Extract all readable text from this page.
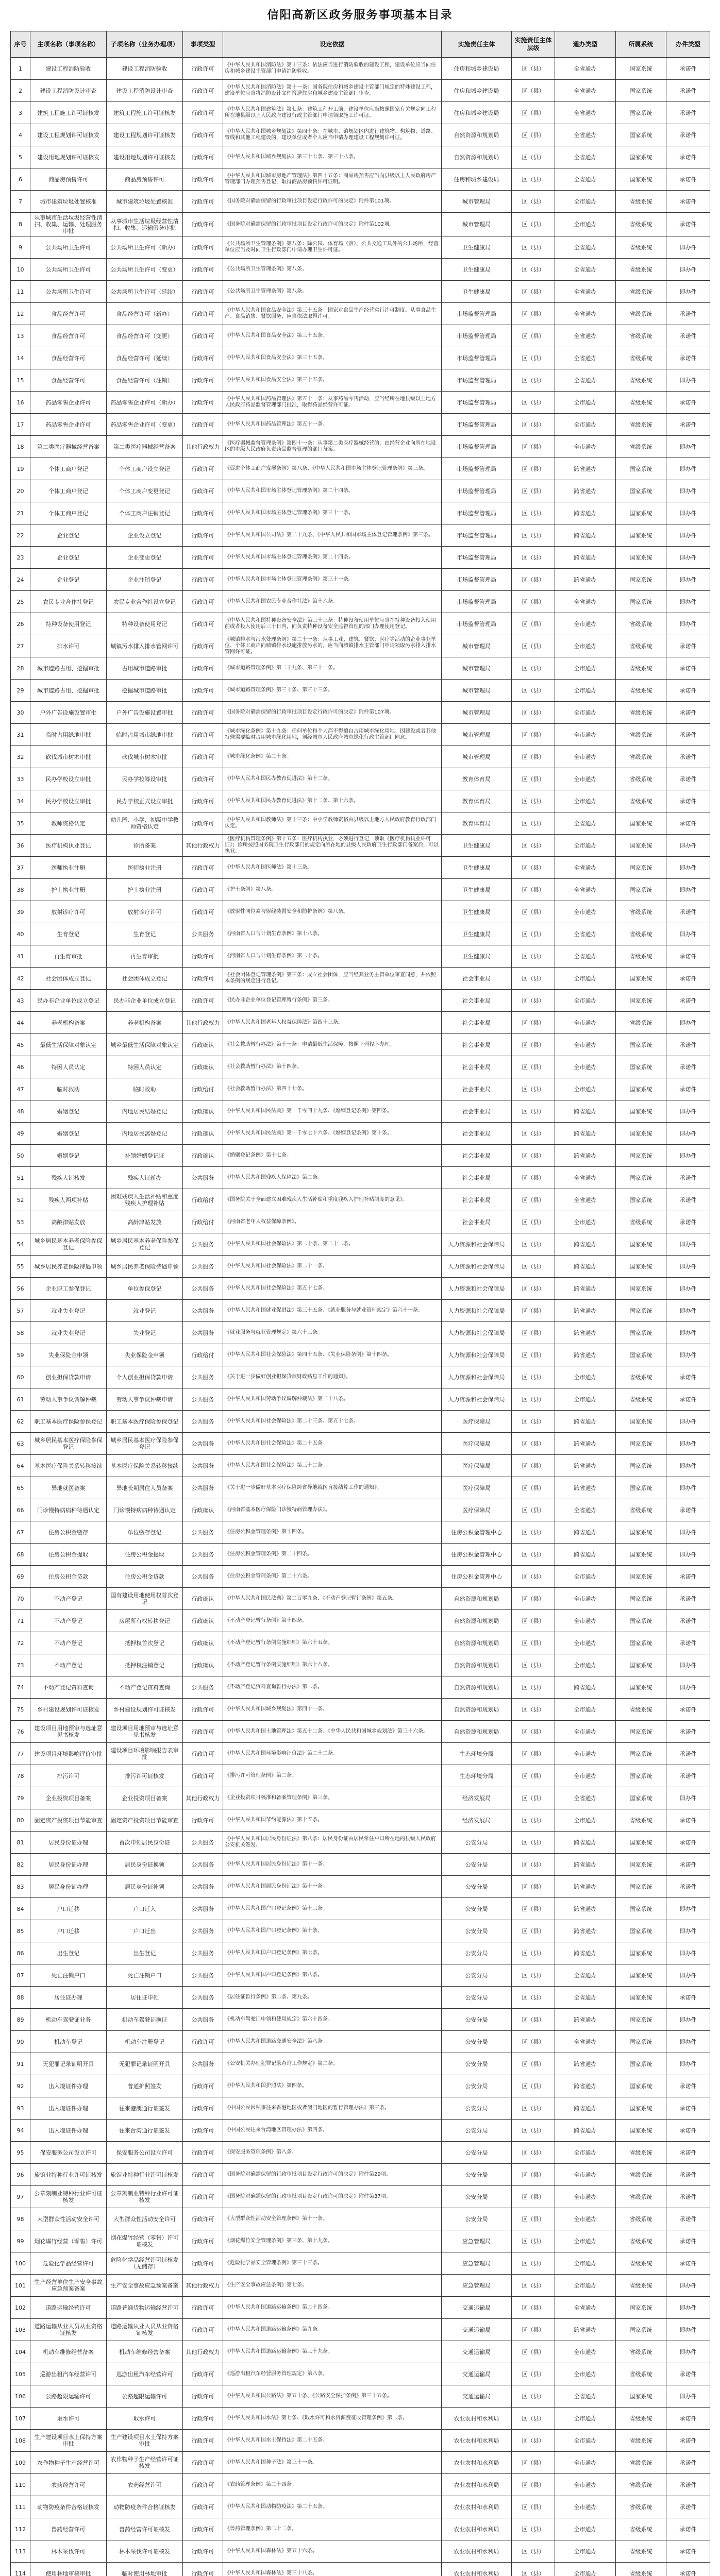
信阳高新区政务服务事项基本目录
序号	主项名称（事项名称）	子项名称（业务办理项）	事项类型	设定依据	实施责任主体	实施责任主体层级	通办类型	所属系统	办件类型
1	建设工程消防验收	建设工程消防验收	行政许可	《中华人民共和国消防法》第十三条：依法应当进行消防验收的建设工程，建设单位应当向住房和城乡建设主管部门申请消防验收。	住房和城乡建设局	区（县）	全省通办	国家系统	承诺件
2	建设工程消防设计审查	建设工程消防设计审查	行政许可	《中华人民共和国消防法》第十一条：国务院住房和城乡建设主管部门规定的特殊建设工程，建设单位应当将消防设计文件报送住房和城乡建设主管部门审查。	住房和城乡建设局	区（县）	全省通办	国家系统	承诺件
3	建筑工程施工许可证核发	建筑工程施工许可证核发	行政许可	《中华人民共和国建筑法》第七条：建筑工程开工前，建设单位应当按照国家有关规定向工程所在地县级以上人民政府建设行政主管部门申请领取施工许可证。	住房和城乡建设局	区（县）	全省通办	国家系统	承诺件
4	建设工程规划许可证核发	建设工程规划许可证核发	行政许可	《中华人民共和国城乡规划法》第四十条：在城市、镇规划区内进行建筑物、构筑物、道路、管线和其他工程建设的，建设单位或者个人应当申请办理建设工程规划许可证。	自然资源和规划局	区（县）	全省通办	国家系统	承诺件
5	建设用地规划许可证核发	建设用地规划许可证核发	行政许可	《中华人民共和国城乡规划法》第三十七条、第三十八条。	自然资源和规划局	区（县）	全省通办	国家系统	承诺件
6	商品房预售许可	商品房预售许可	行政许可	《中华人民共和国城市房地产管理法》第四十五条：商品房预售应当向县级以上人民政府房产管理部门办理预售登记，取得商品房预售许可证明。	住房和城乡建设局	区（县）	全省通办	国家系统	承诺件
7	城市建筑垃圾处置核准	城市建筑垃圾处置核准	行政许可	《国务院对确需保留的行政审批项目设定行政许可的决定》附件第101项。	城市管理局	区（县）	全市通办	省级系统	承诺件
8	从事城市生活垃圾经营性清扫、收集、运输、处理服务审批	从事城市生活垃圾经营性清扫、收集、运输服务审批	行政许可	《国务院对确需保留的行政审批项目设定行政许可的决定》附件第102项。	城市管理局	区（县）	全市通办	省级系统	承诺件
9	公共场所卫生许可	公共场所卫生许可（新办）	行政许可	《公共场所卫生管理条例》第八条：除公园、体育场（馆）、公共交通工具外的公共场所，经营单位应当及时向卫生行政部门申请办理卫生许可证。	卫生健康局	区（县）	全省通办	省级系统	即办件
10	公共场所卫生许可	公共场所卫生许可（变更）	行政许可	《公共场所卫生管理条例》第八条。	卫生健康局	区（县）	全省通办	省级系统	即办件
11	公共场所卫生许可	公共场所卫生许可（延续）	行政许可	《公共场所卫生管理条例》第八条。	卫生健康局	区（县）	全省通办	省级系统	即办件
12	食品经营许可	食品经营许可（新办）	行政许可	《中华人民共和国食品安全法》第三十五条：国家对食品生产经营实行许可制度。从事食品生产、食品销售、餐饮服务，应当依法取得许可。	市场监督管理局	区（县）	全省通办	省级系统	承诺件
13	食品经营许可	食品经营许可（变更）	行政许可	《中华人民共和国食品安全法》第三十五条。	市场监督管理局	区（县）	全省通办	省级系统	承诺件
14	食品经营许可	食品经营许可（延续）	行政许可	《中华人民共和国食品安全法》第三十五条。	市场监督管理局	区（县）	全省通办	省级系统	承诺件
15	食品经营许可	食品经营许可（注销）	行政许可	《中华人民共和国食品安全法》第三十五条。	市场监督管理局	区（县）	全省通办	省级系统	即办件
16	药品零售企业许可	药品零售企业许可（新办）	行政许可	《中华人民共和国药品管理法》第五十一条：从事药品零售活动，应当经所在地县级以上地方人民政府药品监督管理部门批准，取得药品经营许可证。	市场监督管理局	区（县）	全市通办	省级系统	承诺件
17	药品零售企业许可	药品零售企业许可（变更）	行政许可	《中华人民共和国药品管理法》第五十一条。	市场监督管理局	区（县）	全市通办	省级系统	承诺件
18	第二类医疗器械经营备案	第二类医疗器械经营备案	其他行政权力	《医疗器械监督管理条例》第四十一条：从事第二类医疗器械经营的，由经营企业向所在地设区的市级人民政府负责药品监督管理的部门备案。	市场监督管理局	区（县）	全市通办	省级系统	即办件
19	个体工商户登记	个体工商户设立登记	行政许可	《促进个体工商户发展条例》第八条、《中华人民共和国市场主体登记管理条例》第三条。	市场监督管理局	区（县）	跨省通办	国家系统	即办件
20	个体工商户登记	个体工商户变更登记	行政许可	《中华人民共和国市场主体登记管理条例》第二十四条。	市场监督管理局	区（县）	跨省通办	国家系统	即办件
21	个体工商户登记	个体工商户注销登记	行政许可	《中华人民共和国市场主体登记管理条例》第三十一条。	市场监督管理局	区（县）	跨省通办	国家系统	即办件
22	企业登记	企业设立登记	行政许可	《中华人民共和国公司法》第二十九条、《中华人民共和国市场主体登记管理条例》第三条。	市场监督管理局	区（县）	跨省通办	国家系统	即办件
23	企业登记	企业变更登记	行政许可	《中华人民共和国市场主体登记管理条例》第二十四条。	市场监督管理局	区（县）	跨省通办	国家系统	即办件
24	企业登记	企业注销登记	行政许可	《中华人民共和国市场主体登记管理条例》第三十一条。	市场监督管理局	区（县）	跨省通办	国家系统	即办件
25	农民专业合作社登记	农民专业合作社设立登记	行政许可	《中华人民共和国农民专业合作社法》第十六条。	市场监督管理局	区（县）	全省通办	国家系统	即办件
26	特种设备使用登记	特种设备使用登记	行政许可	《中华人民共和国特种设备安全法》第三十三条：特种设备使用单位应当在特种设备投入使用前或者投入使用后三十日内，向负责特种设备安全监督管理的部门办理使用登记。	市场监督管理局	区（县）	全市通办	省级系统	即办件
27	排水许可	城镇污水排入排水管网许可	行政许可	《城镇排水与污水处理条例》第二十一条：从事工业、建筑、餐饮、医疗等活动的企业事业单位、个体工商户向城镇排水设施排放污水的，应当向城镇排水主管部门申请领取污水排入排水管网许可证。	城市管理局	区（县）	全市通办	省级系统	承诺件
28	城市道路占用、挖掘审批	占用城市道路审批	行政许可	《城市道路管理条例》第二十九条、第三十一条。	城市管理局	区（县）	全市通办	省级系统	承诺件
29	城市道路占用、挖掘审批	挖掘城市道路审批	行政许可	《城市道路管理条例》第三十条、第三十三条。	城市管理局	区（县）	全市通办	省级系统	承诺件
30	户外广告设施设置审批	户外广告设施设置审批	行政许可	《国务院对确需保留的行政审批项目设定行政许可的决定》附件第107项。	城市管理局	区（县）	全市通办	省级系统	承诺件
31	临时占用绿地审批	临时占用城市绿地审批	行政许可	《城市绿化条例》第十九条：任何单位和个人都不得擅自占用城市绿化用地。因建设或者其他特殊需要临时占用城市绿化用地，须经城市人民政府城市绿化行政主管部门同意。	城市管理局	区（县）	全市通办	省级系统	承诺件
32	砍伐城市树木审批	砍伐城市树木审批	行政许可	《城市绿化条例》第二十条。	城市管理局	区（县）	全市通办	省级系统	承诺件
33	民办学校设立审批	民办学校筹设审批	行政许可	《中华人民共和国民办教育促进法》第十二条。	教育体育局	区（县）	全市通办	省级系统	承诺件
34	民办学校设立审批	民办学校正式设立审批	行政许可	《中华人民共和国民办教育促进法》第十二条、第十六条。	教育体育局	区（县）	全市通办	省级系统	承诺件
35	教师资格认定	幼儿园、小学、初级中学教师资格认定	行政许可	《中华人民共和国教师法》第十三条：中小学教师资格由县级以上地方人民政府教育行政部门认定。	教育体育局	区（县）	全省通办	国家系统	承诺件
36	医疗机构执业登记	诊所备案	其他行政权力	《医疗机构管理条例》第十五条：医疗机构执业，必须进行登记，领取《医疗机构执业许可证》；诊所按照国务院卫生行政部门的规定向所在地的县级人民政府卫生行政部门备案后，可以执业。	卫生健康局	区（县）	全市通办	国家系统	即办件
37	医师执业注册	医师执业注册	行政许可	《中华人民共和国医师法》第十三条。	卫生健康局	区（县）	全省通办	国家系统	即办件
38	护士执业注册	护士执业注册	行政许可	《护士条例》第八条。	卫生健康局	区（县）	全省通办	国家系统	即办件
39	放射诊疗许可	放射诊疗许可	行政许可	《放射性同位素与射线装置安全和防护条例》第八条。	卫生健康局	区（县）	全市通办	省级系统	承诺件
40	生育登记	生育登记	公共服务	《河南省人口与计划生育条例》第十八条。	卫生健康局	区（县）	全省通办	省级系统	即办件
41	再生育审批	再生育审批	行政许可	《河南省人口与计划生育条例》第二十条。	卫生健康局	区（县）	全省通办	省级系统	承诺件
42	社会团体成立登记	社会团体成立登记	行政许可	《社会团体登记管理条例》第三条：成立社会团体，应当经其业务主管单位审查同意，并依照本条例的规定进行登记。	社会事业局	区（县）	全市通办	国家系统	承诺件
43	民办非企业单位成立登记	民办非企业单位成立登记	行政许可	《民办非企业单位登记管理暂行条例》第三条。	社会事业局	区（县）	全市通办	国家系统	承诺件
44	养老机构备案	养老机构备案	其他行政权力	《中华人民共和国老年人权益保障法》第四十三条。	社会事业局	区（县）	全市通办	省级系统	即办件
45	最低生活保障对象认定	城乡最低生活保障对象认定	行政确认	《社会救助暂行办法》第十一条：申请最低生活保障，按照下列程序办理。	社会事业局	区（县）	全市通办	国家系统	承诺件
46	特困人员认定	特困人员认定	行政确认	《社会救助暂行办法》第十四条。	社会事业局	区（县）	全市通办	国家系统	承诺件
47	临时救助	临时救助	行政给付	《社会救助暂行办法》第四十七条。	社会事业局	区（县）	全市通办	国家系统	承诺件
48	婚姻登记	内地居民结婚登记	行政确认	《中华人民共和国民法典》第一千零四十九条、《婚姻登记条例》第四条。	社会事业局	区（县）	跨省通办	国家系统	即办件
49	婚姻登记	内地居民离婚登记	行政确认	《中华人民共和国民法典》第一千零七十六条、《婚姻登记条例》第十条。	社会事业局	区（县）	跨省通办	国家系统	即办件
50	婚姻登记	补领婚姻登记证	行政确认	《婚姻登记条例》第十七条。	社会事业局	区（县）	跨省通办	国家系统	即办件
51	残疾人证核发	残疾人证新办	公共服务	《中华人民共和国残疾人保障法》第二条。	社会事业局	区（县）	全省通办	国家系统	承诺件
52	残疾人两项补贴	困难残疾人生活补贴和重度残疾人护理补贴	行政给付	《国务院关于全面建立困难残疾人生活补贴和重度残疾人护理补贴制度的意见》。	社会事业局	区（县）	全省通办	国家系统	承诺件
53	高龄津贴发放	高龄津贴发放	行政给付	《河南省老年人权益保障条例》。	社会事业局	区（县）	全市通办	省级系统	承诺件
54	城乡居民基本养老保险参保登记	城乡居民基本养老保险参保登记	公共服务	《中华人民共和国社会保险法》第二十条、第二十二条。	人力资源和社会保障局	区（县）	跨省通办	国家系统	即办件
55	城乡居民养老保险待遇申领	城乡居民养老保险待遇申领	公共服务	《中华人民共和国社会保险法》第二十一条。	人力资源和社会保障局	区（县）	跨省通办	国家系统	即办件
56	企业职工参保登记	单位参保登记	公共服务	《中华人民共和国社会保险法》第五十七条。	人力资源和社会保障局	区（县）	跨省通办	国家系统	即办件
57	就业失业登记	就业登记	公共服务	《中华人民共和国就业促进法》第三十五条、《就业服务与就业管理规定》第六十一条。	人力资源和社会保障局	区（县）	跨省通办	国家系统	即办件
58	就业失业登记	失业登记	公共服务	《就业服务与就业管理规定》第六十三条。	人力资源和社会保障局	区（县）	跨省通办	国家系统	即办件
59	失业保险金申领	失业保险金申领	行政给付	《中华人民共和国社会保险法》第四十五条、《失业保险条例》第十四条。	人力资源和社会保障局	区（县）	跨省通办	国家系统	即办件
60	创业担保贷款申请	个人创业担保贷款申请	公共服务	《关于进一步做好创业担保贷款财政贴息工作的通知》。	人力资源和社会保障局	区（县）	全市通办	省级系统	承诺件
61	劳动人事争议调解仲裁	劳动人事争议仲裁申请	公共服务	《中华人民共和国劳动争议调解仲裁法》第二十八条。	人力资源和社会保障局	区（县）	全市通办	省级系统	承诺件
62	职工基本医疗保险参保登记	职工基本医疗保险参保登记	公共服务	《中华人民共和国社会保险法》第二十三条、第五十七条。	医疗保障局	区（县）	跨省通办	国家系统	即办件
63	城乡居民基本医疗保险参保登记	城乡居民基本医疗保险参保登记	公共服务	《中华人民共和国社会保险法》第二十五条。	医疗保障局	区（县）	跨省通办	国家系统	即办件
64	基本医疗保险关系转移接续	基本医疗保险关系转移接续	公共服务	《中华人民共和国社会保险法》第三十二条。	医疗保障局	区（县）	跨省通办	国家系统	即办件
65	异地就医备案	异地长期居住人员备案	公共服务	《关于进一步做好基本医疗保险跨省异地就医直接结算工作的通知》。	医疗保障局	区（县）	跨省通办	国家系统	即办件
66	门诊慢特病病种待遇认定	门诊慢特病病种待遇认定	行政确认	《河南省基本医疗保险门诊慢特病管理办法》。	医疗保障局	区（县）	全省通办	省级系统	承诺件
67	住房公积金缴存	单位缴存登记	公共服务	《住房公积金管理条例》第十四条。	住房公积金管理中心	区（县）	跨省通办	国家系统	即办件
68	住房公积金提取	住房公积金提取	公共服务	《住房公积金管理条例》第二十四条。	住房公积金管理中心	区（县）	跨省通办	国家系统	即办件
69	住房公积金贷款	住房公积金贷款	公共服务	《住房公积金管理条例》第二十六条。	住房公积金管理中心	区（县）	全市通办	国家系统	承诺件
70	不动产登记	国有建设用地使用权首次登记	行政确认	《中华人民共和国民法典》第二百零九条、《不动产登记暂行条例》第五条。	自然资源和规划局	区（县）	全市通办	国家系统	承诺件
71	不动产登记	房屋所有权转移登记	行政确认	《不动产登记暂行条例》第十四条。	自然资源和规划局	区（县）	全市通办	国家系统	承诺件
72	不动产登记	抵押权首次登记	行政确认	《不动产登记暂行条例实施细则》第六十五条。	自然资源和规划局	区（县）	全市通办	国家系统	承诺件
73	不动产登记	抵押权注销登记	行政确认	《不动产登记暂行条例实施细则》第六十八条。	自然资源和规划局	区（县）	全市通办	国家系统	即办件
74	不动产登记资料查询	不动产登记资料查询	公共服务	《不动产登记资料查询暂行办法》第二条。	自然资源和规划局	区（县）	跨省通办	国家系统	即办件
75	乡村建设规划许可证核发	乡村建设规划许可证核发	行政许可	《中华人民共和国城乡规划法》第四十一条。	自然资源和规划局	区（县）	全市通办	省级系统	承诺件
76	建设项目用地预审与选址意见书核发	建设项目用地预审与选址意见书核发	行政许可	《中华人民共和国土地管理法》第五十二条、《中华人民共和国城乡规划法》第三十六条。	自然资源和规划局	区（县）	全市通办	国家系统	承诺件
77	建设项目环境影响评价审批	建设项目环境影响报告表审批	行政许可	《中华人民共和国环境影响评价法》第二十二条。	生态环境分局	区（县）	全市通办	国家系统	承诺件
78	排污许可	排污许可证核发	行政许可	《排污许可管理条例》第二条。	生态环境分局	区（县）	全市通办	国家系统	承诺件
79	企业投资项目备案	企业投资项目备案	其他行政权力	《企业投资项目核准和备案管理条例》第三条。	经济发展局	区（县）	全省通办	国家系统	即办件
80	固定资产投资项目节能审查	固定资产投资项目节能审查	行政许可	《中华人民共和国节约能源法》第十五条。	经济发展局	区（县）	全市通办	省级系统	承诺件
81	居民身份证办理	首次申领居民身份证	公共服务	《中华人民共和国居民身份证法》第八条：居民身份证由居民常住户口所在地的县级人民政府公安机关签发。	公安分局	区（县）	跨省通办	国家系统	承诺件
82	居民身份证办理	居民身份证换领	公共服务	《中华人民共和国居民身份证法》第十一条。	公安分局	区（县）	跨省通办	国家系统	承诺件
83	居民身份证办理	居民身份证补领	公共服务	《中华人民共和国居民身份证法》第十一条。	公安分局	区（县）	跨省通办	国家系统	承诺件
84	户口迁移	户口迁入	公共服务	《中华人民共和国户口登记条例》第十三条。	公安分局	区（县）	跨省通办	国家系统	即办件
85	户口迁移	户口迁出	公共服务	《中华人民共和国户口登记条例》第十条。	公安分局	区（县）	跨省通办	国家系统	即办件
86	出生登记	出生登记	公共服务	《中华人民共和国户口登记条例》第七条。	公安分局	区（县）	跨省通办	国家系统	即办件
87	死亡注销户口	死亡注销户口	公共服务	《中华人民共和国户口登记条例》第八条。	公安分局	区（县）	全省通办	国家系统	即办件
88	居住证办理	居住证申领	公共服务	《居住证暂行条例》第二条、第九条。	公安分局	区（县）	全省通办	国家系统	承诺件
89	机动车驾驶证业务	机动车驾驶证换证	公共服务	《机动车驾驶证申领和使用规定》第六十四条。	公安分局	区（县）	跨省通办	国家系统	即办件
90	机动车登记	机动车注册登记	行政许可	《中华人民共和国道路交通安全法》第八条。	公安分局	区（县）	全省通办	国家系统	即办件
91	无犯罪记录证明开具	无犯罪记录证明开具	公共服务	《公安机关办理犯罪记录查询工作规定》第二条。	公安分局	区（县）	跨省通办	国家系统	即办件
92	出入境证件办理	普通护照签发	行政许可	《中华人民共和国护照法》第四条。	公安分局	区（县）	跨省通办	国家系统	承诺件
93	出入境证件办理	往来港澳通行证签发	行政许可	《中国公民因私事往来香港地区或者澳门地区的暂行管理办法》第三条。	公安分局	区（县）	跨省通办	国家系统	承诺件
94	出入境证件办理	往来台湾通行证签发	行政许可	《中国公民往来台湾地区管理办法》第四条。	公安分局	区（县）	跨省通办	国家系统	承诺件
95	保安服务公司设立许可	保安服务公司设立许可	行政许可	《保安服务管理条例》第八条。	公安分局	区（县）	全市通办	省级系统	承诺件
96	旅馆业特种行业许可证核发	旅馆业特种行业许可证核发	行政许可	《国务院对确需保留的行政审批项目设定行政许可的决定》附件第29项。	公安分局	区（县）	全市通办	省级系统	承诺件
97	公章刻制业特种行业许可证核发	公章刻制业特种行业许可证核发	行政许可	《国务院对确需保留的行政审批项目设定行政许可的决定》附件第37项。	公安分局	区（县）	全市通办	省级系统	承诺件
98	大型群众性活动安全许可	大型群众性活动安全许可	行政许可	《大型群众性活动安全管理条例》第十一条。	公安分局	区（县）	全市通办	省级系统	承诺件
99	烟花爆竹经营（零售）许可	烟花爆竹经营（零售）许可证核发	行政许可	《烟花爆竹安全管理条例》第三条、第十九条。	应急管理局	区（县）	全市通办	省级系统	承诺件
100	危险化学品经营许可	危险化学品经营许可证核发（无储存）	行政许可	《危险化学品安全管理条例》第三十三条。	应急管理局	区（县）	全市通办	省级系统	承诺件
101	生产经营单位生产安全事故应急预案备案	生产安全事故应急预案备案	其他行政权力	《生产安全事故应急条例》第七条。	应急管理局	区（县）	全市通办	省级系统	即办件
102	道路运输经营许可	道路普通货物运输经营许可	行政许可	《中华人民共和国道路运输条例》第二十四条。	交通运输局	区（县）	全省通办	国家系统	即办件
103	道路运输从业人员从业资格证核发	道路运输从业人员从业资格证核发	行政许可	《中华人民共和国道路运输条例》第九条。	交通运输局	区（县）	跨省通办	国家系统	即办件
104	机动车维修经营备案	机动车维修经营备案	其他行政权力	《中华人民共和国道路运输条例》第三十九条。	交通运输局	区（县）	全市通办	省级系统	即办件
105	巡游出租汽车经营许可	巡游出租汽车经营许可	行政许可	《巡游出租汽车经营服务管理规定》第八条。	交通运输局	区（县）	全市通办	省级系统	承诺件
106	公路超限运输许可	公路超限运输许可	行政许可	《中华人民共和国公路法》第五十条、《公路安全保护条例》第三十五条。	交通运输局	区（县）	全省通办	国家系统	即办件
107	取水许可	取水许可	行政许可	《中华人民共和国水法》第七条、《取水许可和水资源费征收管理条例》第二条。	农业农村和水利局	区（县）	全市通办	省级系统	承诺件
108	生产建设项目水土保持方案审批	生产建设项目水土保持方案审批	行政许可	《中华人民共和国水土保持法》第二十五条。	农业农村和水利局	区（县）	全市通办	省级系统	承诺件
109	农作物种子生产经营许可	农作物种子生产经营许可证核发	行政许可	《中华人民共和国种子法》第三十一条。	农业农村和水利局	区（县）	全市通办	省级系统	承诺件
110	农药经营许可	农药经营许可	行政许可	《农药管理条例》第二十四条。	农业农村和水利局	区（县）	全市通办	省级系统	承诺件
111	动物防疫条件合格证核发	动物防疫条件合格证核发	行政许可	《中华人民共和国动物防疫法》第二十五条。	农业农村和水利局	区（县）	全市通办	省级系统	承诺件
112	兽药经营许可	兽药经营许可证核发	行政许可	《兽药管理条例》第二十二条。	农业农村和水利局	区（县）	全市通办	省级系统	承诺件
113	林木采伐许可	林木采伐许可证核发	行政许可	《中华人民共和国森林法》第五十六条。	农业农村和水利局	区（县）	全市通办	省级系统	承诺件
114	使用林地审核审批	临时使用林地审批	行政许可	《中华人民共和国森林法》第三十八条。	农业农村和水利局	区（县）	全市通办	省级系统	承诺件
